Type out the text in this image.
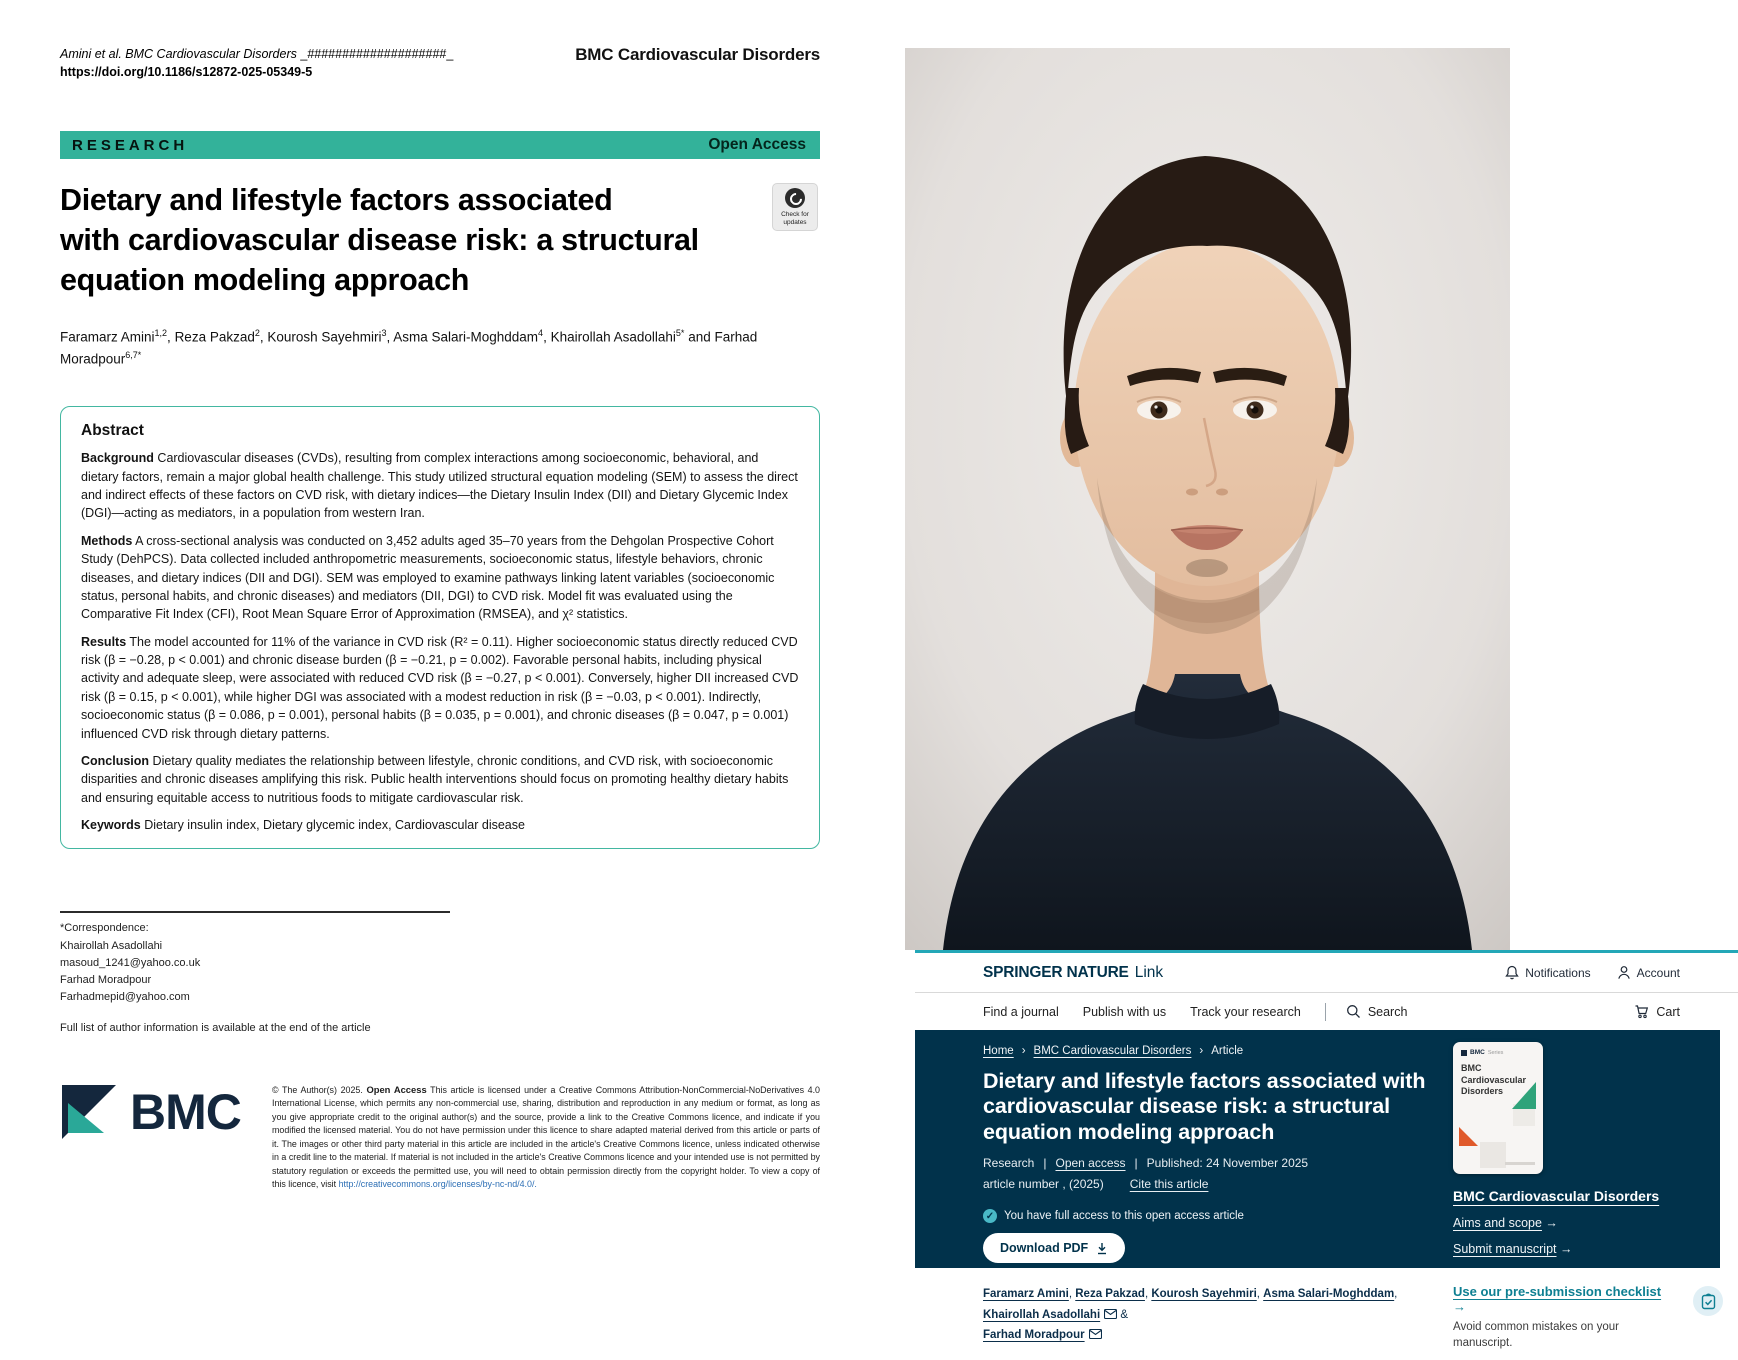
Amini et al. BMC Cardiovascular Disorders _####################_
https://doi.org/10.1186/s12872-025-05349-5
BMC Cardiovascular Disorders
RESEARCH	Open Access
Check for updates
Dietary and lifestyle factors associated
with cardiovascular disease risk: a structural
equation modeling approach
Faramarz Amini$^{1,2}$, Reza Pakzad$^2$, Kourosh Sayehmiri$^3$, Asma Salari-Moghddam$^4$, Khairollah Asadollahi$^{5*}$ and Farhad Moradpour$^{6,7*}$
Abstract

Background Cardiovascular diseases (CVDs), resulting from complex interactions among socioeconomic, behavioral, and dietary factors, remain a major global health challenge. This study utilized structural equation modeling (SEM) to assess the direct and indirect effects of these factors on CVD risk, with dietary indices—the Dietary Insulin Index (DII) and Dietary Glycemic Index (DGI)—acting as mediators, in a population from western Iran.

Methods A cross-sectional analysis was conducted on 3,452 adults aged 35–70 years from the Dehgolan Prospective Cohort Study (DehPCS). Data collected included anthropometric measurements, socioeconomic status, lifestyle behaviors, chronic diseases, and dietary indices (DII and DGI). SEM was employed to examine pathways linking latent variables (socioeconomic status, personal habits, and chronic diseases) and mediators (DII, DGI) to CVD risk. Model fit was evaluated using the Comparative Fit Index (CFI), Root Mean Square Error of Approximation (RMSEA), and χ² statistics.

Results The model accounted for 11% of the variance in CVD risk (R² = 0.11). Higher socioeconomic status directly reduced CVD risk (β = −0.28, p < 0.001) and chronic disease burden (β = −0.21, p = 0.002). Favorable personal habits, including physical activity and adequate sleep, were associated with reduced CVD risk (β = −0.27, p < 0.001). Conversely, higher DII increased CVD risk (β = 0.15, p < 0.001), while higher DGI was associated with a modest reduction in risk (β = −0.03, p < 0.001). Indirectly, socioeconomic status (β = 0.086, p = 0.001), personal habits (β = 0.035, p = 0.001), and chronic diseases (β = 0.047, p = 0.001) influenced CVD risk through dietary patterns.

Conclusion Dietary quality mediates the relationship between lifestyle, chronic conditions, and CVD risk, with socioeconomic disparities and chronic diseases amplifying this risk. Public health interventions should focus on promoting healthy dietary habits and ensuring equitable access to nutritious foods to mitigate cardiovascular risk.

Keywords Dietary insulin index, Dietary glycemic index, Cardiovascular disease

*Correspondence:
Khairollah Asadollahi
masoud_1241@yahoo.co.uk
Farhad Moradpour
Farhadmepid@yahoo.com
Full list of author information is available at the end of the article
BMC	© The Author(s) 2025. Open Access This article is licensed under a Creative Commons Attribution-NonCommercial-NoDerivatives 4.0 International License, which permits any non-commercial use, sharing, distribution and reproduction in any medium or format, as long as you give appropriate credit to the original author(s) and the source, provide a link to the Creative Commons licence, and indicate if you modified the licensed material. You do not have permission under this licence to share adapted material derived from this article or parts of it. The images or other third party material in this article are included in the article's Creative Commons licence, unless indicated otherwise in a credit line to the material. If material is not included in the article's Creative Commons licence and your intended use is not permitted by statutory regulation or exceeds the permitted use, you will need to obtain permission directly from the copyright holder. To view a copy of this licence, visit http://creativecommons.org/licenses/by-nc-nd/4.0/.

SPRINGER NATURE Link	Notifications	Account
Find a journal Publish with us Track your research	Search	Cart
Home › BMC Cardiovascular Disorders › Article
Dietary and lifestyle factors associated with cardiovascular disease risk: a structural equation modeling approach
Research | Open access | Published: 24 November 2025
article number , (2025) Cite this article
✓ You have full access to this open access article
Download PDF
BMC Series
BMC
Cardiovascular
Disorders
BMC Cardiovascular Disorders
Aims and scope →
Submit manuscript →
Faramarz Amini, Reza Pakzad, Kourosh Sayehmiri, Asma Salari-Moghddam, Khairollah Asadollahi &
Farhad Moradpour
Use our pre-submission checklist →
Avoid common mistakes on your manuscript.
